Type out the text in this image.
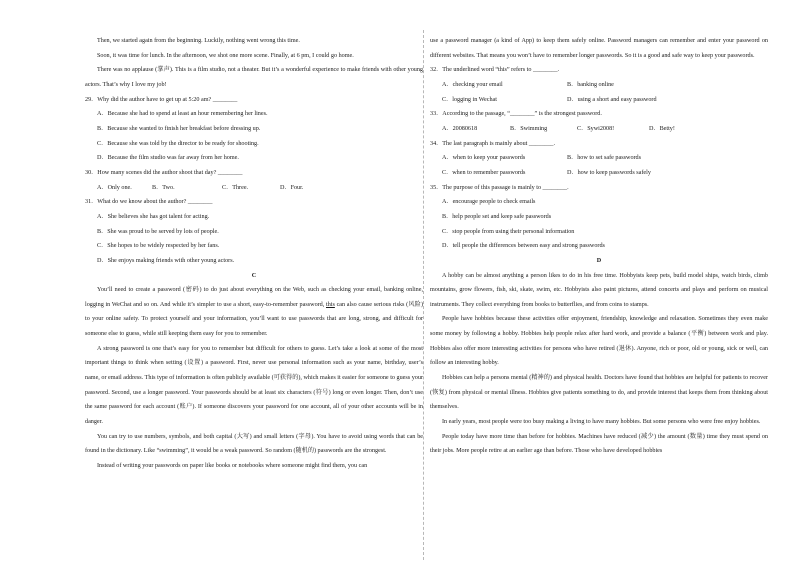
Then, we started again from the beginning. Luckily, nothing went wrong this time.

Soon, it was time for lunch. In the afternoon, we shot one more scene. Finally, at 6 pm, I could go home.

There was no applause (掌声). This is a film studio, not a theater. But it’s a wonderful experience to make friends with other young actors. That’s why I love my job!

29．Why did the author have to get up at 5:20 am? ________

A．Because she had to spend at least an hour remembering her lines.

B．Because she wanted to finish her breakfast before dressing up.

C．Because she was told by the director to be ready for shooting.

D．Because the film studio was far away from her home.

30．How many scenes did the author shoot that day? ________

A．Only one.	B．Two.	C．Three.	D．Four.

31．What do we know about the author? ________

A．She believes she has got talent for acting.

B．She was proud to be served by lots of people.

C．She hopes to be widely respected by her fans.

D．She enjoys making friends with other young actors.

C

You’ll need to create a password (密码) to do just about everything on the Web, such as checking your email, banking online, logging in WeChat and so on. And while it’s simpler to use a short, easy-to-remember password, this can also cause serious risks (风险) to your online safety. To protect yourself and your information, you’ll want to use passwords that are long, strong, and difficult for someone else to guess, while still keeping them easy for you to remember.

A strong password is one that’s easy for you to remember but difficult for others to guess. Let’s take a look at some of the most important things to think when setting (设置) a password. First, never use personal information such as your name, birthday, user’s name, or email address. This type of information is often publicly available (可获得的), which makes it easier for someone to guess your password. Second, use a longer password. Your passwords should be at least six characters (符号) long or even longer. Then, don’t use the same password for each account (账户). If someone discovers your password for one account, all of your other accounts will be in danger.

You can try to use numbers, symbols, and both capital (大写) and small letters (字母). You have to avoid using words that can be found in the dictionary. Like “swimming”, it would be a weak password. So random (随机的) passwords are the strongest.

Instead of writing your passwords on paper like books or notebooks where someone might find them, you can

use a password manager (a kind of App) to keep them safely online. Password managers can remember and enter your password on different websites. That means you won’t have to remember longer passwords. So it is a good and safe way to keep your passwords.

32．The underlined word “this” refers to ________.

A．checking your email	B．banking online
C．logging in Wechat	D．using a short and easy password

33．According to the passage, “________” is the strongest password.

A．20080618	B．Swimming	C．Sywi2008!	D．Betty!

34．The last paragraph is mainly about ________.

A．when to keep your passwords	B．how to set safe passwords
C．when to remember passwords	D．how to keep passwords safely

35．The purpose of this passage is mainly to ________.

A．encourage people to check emails

B．help people set and keep safe passwords

C．stop people from using their personal information

D．tell people the differences between easy and strong passwords

D

A hobby can be almost anything a person likes to do in his free time. Hobbyists keep pets, build model ships, watch birds, climb mountains, grow flowers, fish, ski, skate, swim, etc. Hobbyists also paint pictures, attend concerts and plays and perform on musical instruments. They collect everything from books to butterflies, and from coins to stamps.

People have hobbies because these activities offer enjoyment, friendship, knowledge and relaxation. Sometimes they even make some money by following a hobby. Hobbies help people relax after hard work, and provide a balance (平衡) between work and play. Hobbies also offer more interesting activities for persons who have retired (退休). Anyone, rich or poor, old or young, sick or well, can follow an interesting hobby.

Hobbies can help a persons mental (精神的) and physical health. Doctors have found that hobbies are helpful for patients to recover (恢复) from physical or mental illness. Hobbies give patients something to do, and provide interest that keeps them from thinking about themselves.

In early years, most people were too busy making a living to have many hobbies. But some persons who were free enjoy hobbies.

People today have more time than before for hobbies. Machines have reduced (减少) the amount (数量) time they must spend on their jobs. More people retire at an earlier age than before. Those who have developed hobbies
